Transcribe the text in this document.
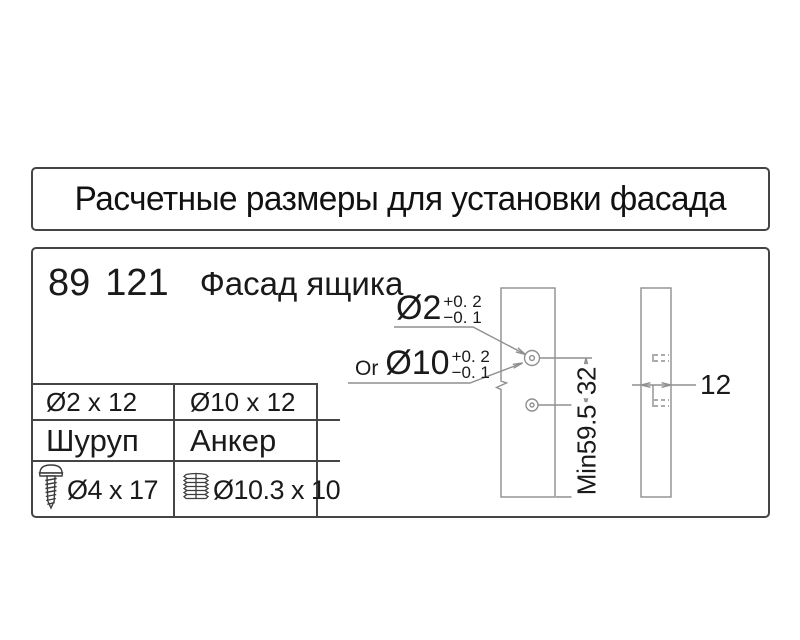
Расчетные размеры для установки фасада
89 121 Фасад ящика
Ø2 x 12	Ø10 x 12
Шуруп	Анкер
Ø4 x 17 Ø10.3 x 10
Ø2 +0. 2
−0. 1
Or Ø10 +0. 2
−0. 1	32
Min59.5
12
